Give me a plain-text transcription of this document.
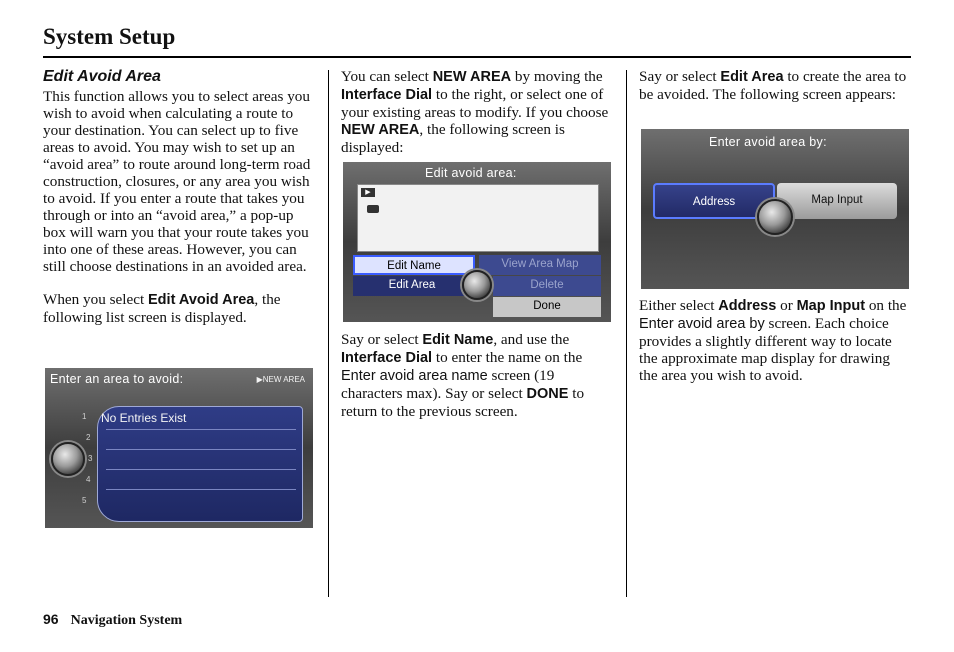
System Setup

Edit Avoid Area

This function allows you to select areas you wish to avoid when calculating a route to your destination. You can select up to five areas to avoid. You may wish to set up an “avoid area” to route around long-term road construction, closures, or any area you wish to avoid. If you enter a route that takes you through or into an “avoid area,” a pop-up box will warn you that your route takes you into one of these areas. However, you can still choose destinations in an avoided area.

When you select Edit Avoid Area, the following list screen is displayed.

Enter an area to avoid:	▶NEW AREA
No Entries Exist
1
2
3
4
5

You can select NEW AREA by moving the Interface Dial to the right, or select one of your existing areas to modify. If you choose NEW AREA, the following screen is displayed:

Edit avoid area:
▶
Edit Name	View Area Map
Edit Area	Delete
Done

Say or select Edit Name, and use the Interface Dial to enter the name on the Enter avoid area name screen (19 characters max). Say or select DONE to return to the previous screen.

Say or select Edit Area to create the area to be avoided. The following screen appears:

Enter avoid area by:
Address	Map Input

Either select Address or Map Input on the Enter avoid area by screen. Each choice provides a slightly different way to locate the approximate map display for drawing the area you wish to avoid.

96 Navigation System
